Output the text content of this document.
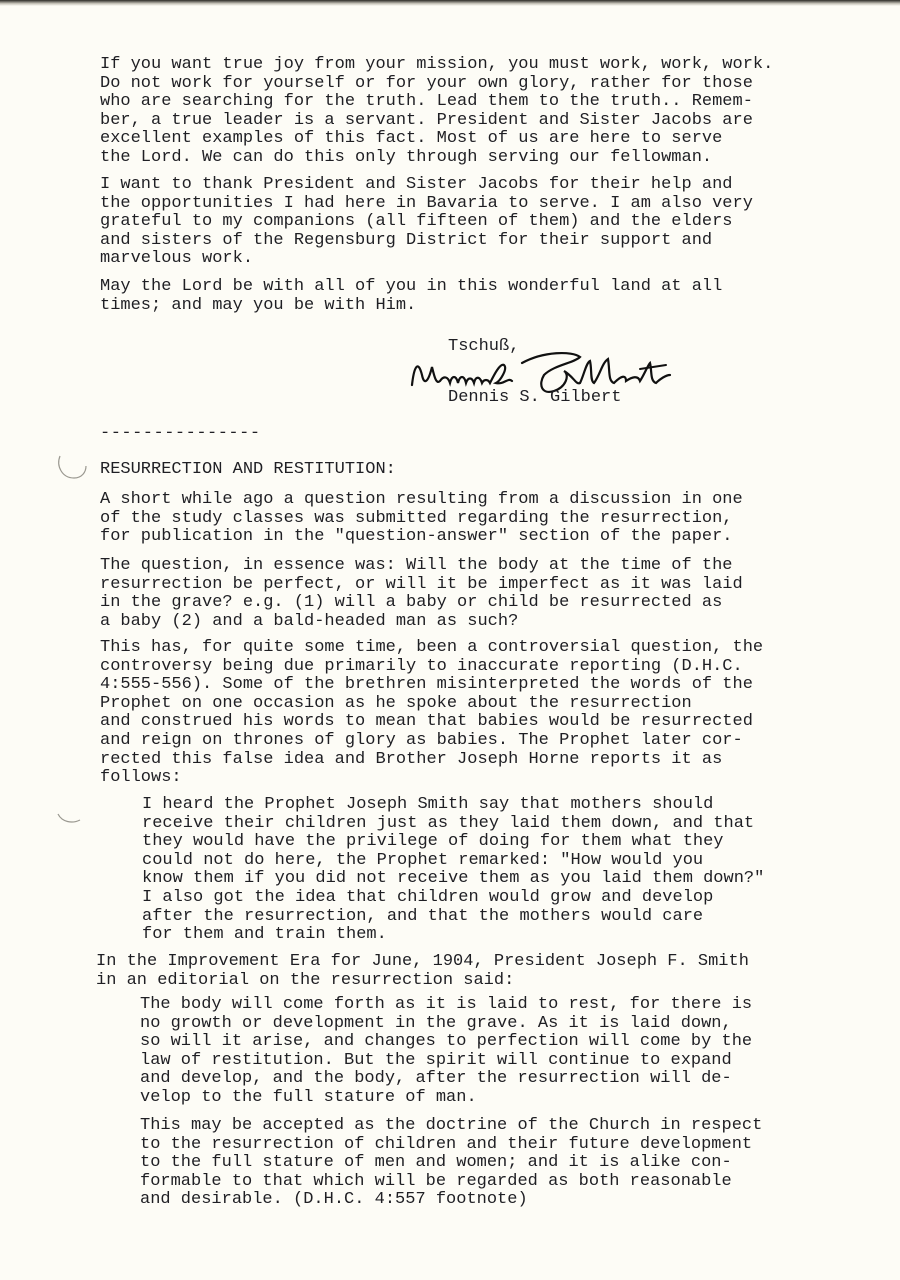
If you want true joy from your mission, you must work, work, work.
Do not work for yourself or for your own glory, rather for those
who are searching for the truth. Lead them to the truth.. Remem-
ber, a true leader is a servant. President and Sister Jacobs are
excellent examples of this fact. Most of us are here to serve
the Lord. We can do this only through serving our fellowman.
I want to thank President and Sister Jacobs for their help and
the opportunities I had here in Bavaria to serve. I am also very
grateful to my companions (all fifteen of them) and the elders
and sisters of the Regensburg District for their support and
marvelous work.
May the Lord be with all of you in this wonderful land at all
times; and may you be with Him.
Tschuß,
Dennis S. Gilbert
---------------
RESURRECTION AND RESTITUTION:
A short while ago a question resulting from a discussion in one
of the study classes was submitted regarding the resurrection,
for publication in the "question-answer" section of the paper.
The question, in essence was: Will the body at the time of the
resurrection be perfect, or will it be imperfect as it was laid
in the grave? e.g. (1) will a baby or child be resurrected as
a baby (2) and a bald-headed man as such?
This has, for quite some time, been a controversial question, the
controversy being due primarily to inaccurate reporting (D.H.C.
4:555-556). Some of the brethren misinterpreted the words of the
Prophet on one occasion as he spoke about the resurrection
and construed his words to mean that babies would be resurrected
and reign on thrones of glory as babies. The Prophet later cor-
rected this false idea and Brother Joseph Horne reports it as
follows:
I heard the Prophet Joseph Smith say that mothers should
receive their children just as they laid them down, and that
they would have the privilege of doing for them what they
could not do here, the Prophet remarked: "How would you
know them if you did not receive them as you laid them down?"
I also got the idea that children would grow and develop
after the resurrection, and that the mothers would care
for them and train them.
In the Improvement Era for June, 1904, President Joseph F. Smith
in an editorial on the resurrection said:
The body will come forth as it is laid to rest, for there is
no growth or development in the grave. As it is laid down,
so will it arise, and changes to perfection will come by the
law of restitution. But the spirit will continue to expand
and develop, and the body, after the resurrection will de-
velop to the full stature of man.
This may be accepted as the doctrine of the Church in respect
to the resurrection of children and their future development
to the full stature of men and women; and it is alike con-
formable to that which will be regarded as both reasonable
and desirable. (D.H.C. 4:557 footnote)
